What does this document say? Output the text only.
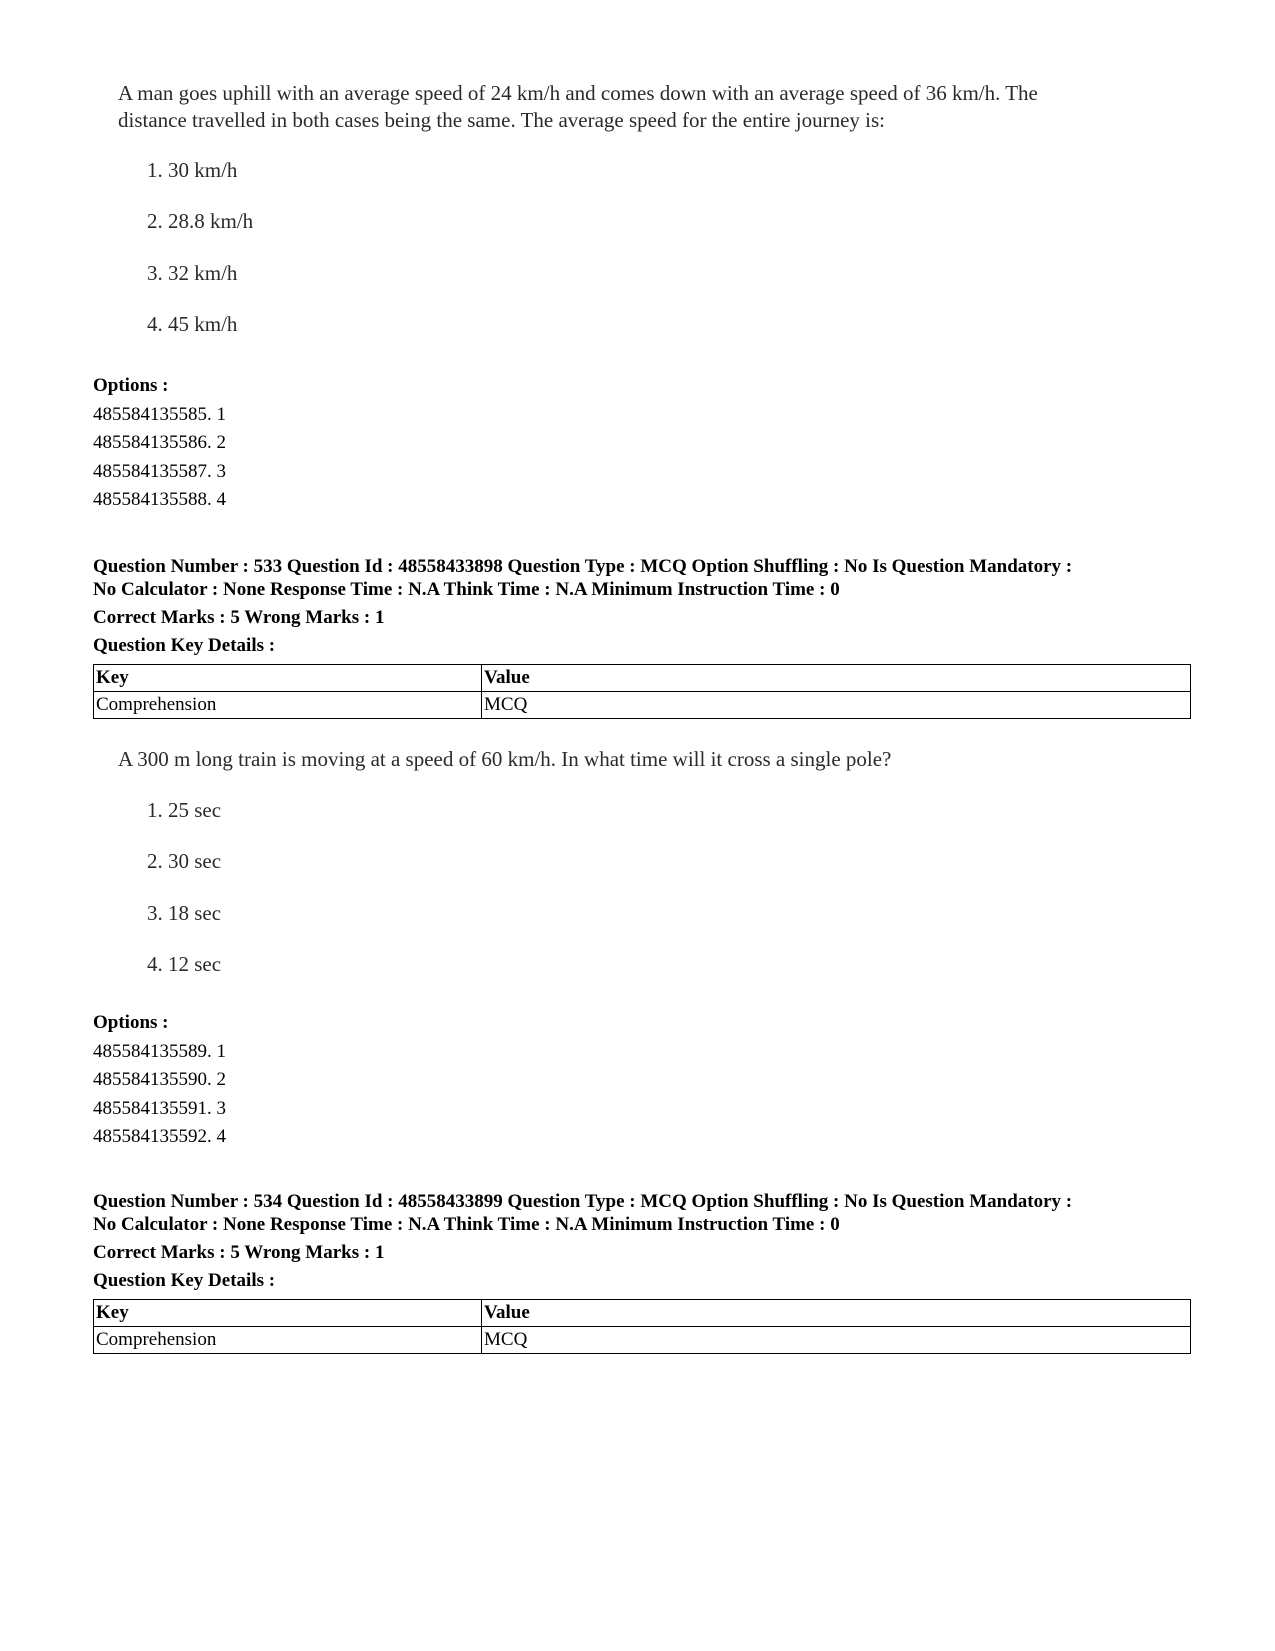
A man goes uphill with an average speed of 24 km/h and comes down with an average speed of 36 km/h. The

distance travelled in both cases being the same. The average speed for the entire journey is:

1. 30 km/h
2. 28.8 km/h
3. 32 km/h
4. 45 km/h
Options :
485584135585. 1
485584135586. 2
485584135587. 3
485584135588. 4
Question Number : 533 Question Id : 48558433898 Question Type : MCQ Option Shuffling : No Is Question Mandatory :
No Calculator : None Response Time : N.A Think Time : N.A Minimum Instruction Time : 0
Correct Marks : 5 Wrong Marks : 1
Question Key Details :
Key	Value
Comprehension	MCQ

A 300 m long train is moving at a speed of 60 km/h. In what time will it cross a single pole?

1. 25 sec
2. 30 sec
3. 18 sec
4. 12 sec
Options :
485584135589. 1
485584135590. 2
485584135591. 3
485584135592. 4
Question Number : 534 Question Id : 48558433899 Question Type : MCQ Option Shuffling : No Is Question Mandatory :
No Calculator : None Response Time : N.A Think Time : N.A Minimum Instruction Time : 0
Correct Marks : 5 Wrong Marks : 1
Question Key Details :
Key	Value
Comprehension	MCQ
